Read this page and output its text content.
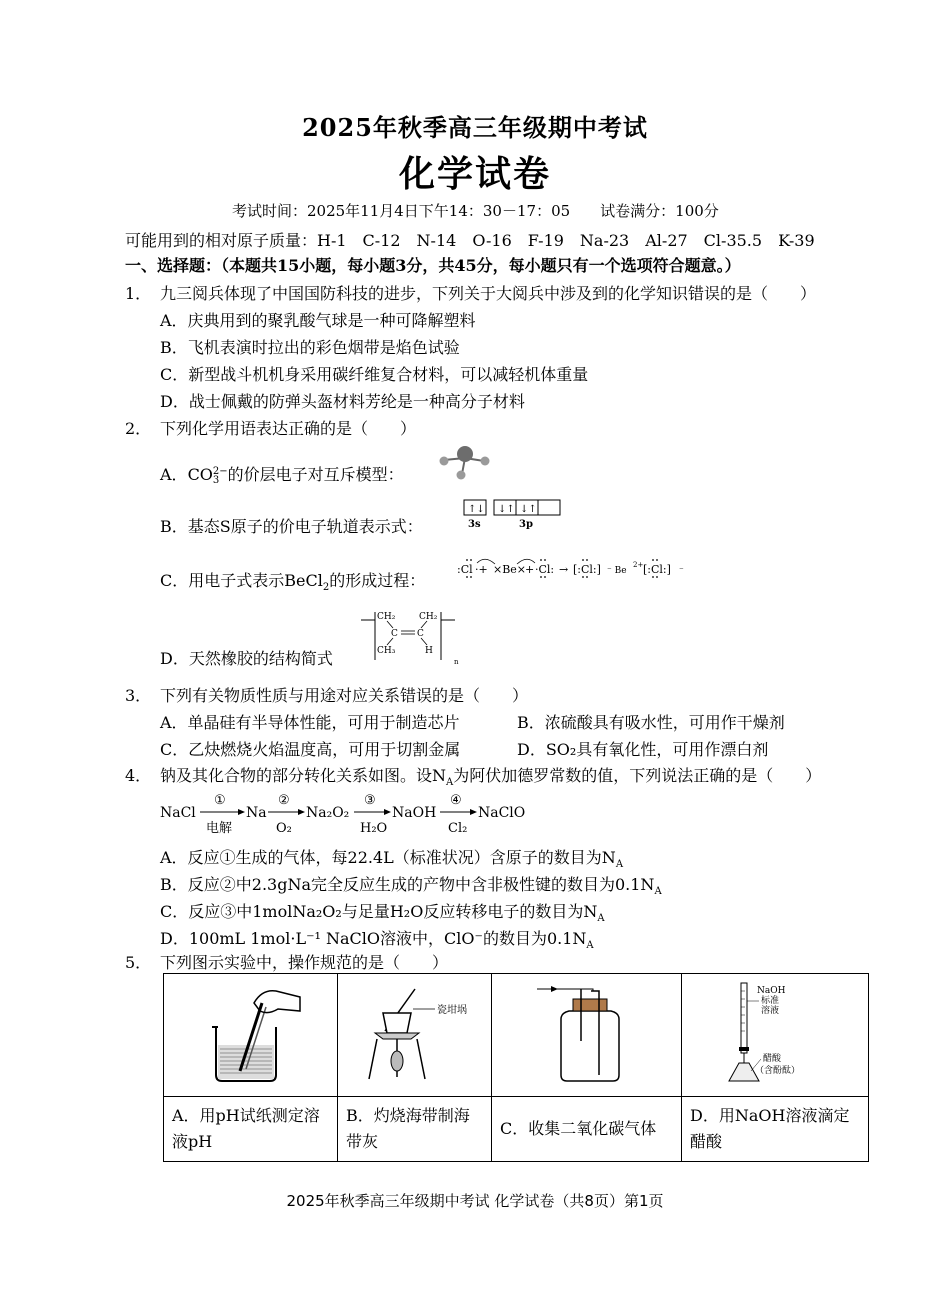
2025年秋季高三年级期中考试
化学试卷
考试时间：2025年11月4日下午14：30－17：05　　试卷满分：100分
可能用到的相对原子质量：H-1　C-12　N-14　O-16　F-19　Na-23　Al-27　Cl-35.5　K-39
一、选择题：（本题共15小题，每小题3分，共45分，每小题只有一个选项符合题意。）
1． 九三阅兵体现了中国国防科技的进步，下列关于大阅兵中涉及到的化学知识错误的是（　　）
A．庆典用到的聚乳酸气球是一种可降解塑料
B．飞机表演时拉出的彩色烟带是焰色试验
C．新型战斗机机身采用碳纤维复合材料，可以减轻机体重量
D．战士佩戴的防弹头盔材料芳纶是一种高分子材料
2． 下列化学用语表达正确的是（　　）
A．CO 2−
3 的价层电子对互斥模型：
B．基态S原子的价电子轨道表示式：
↑↓ ↓↑ ↓↑
3s	3p
C．用电子式表示BeCl$_2$的形成过程：
:Cl ·+ ×Be×
+ ·Cl: → [:Cl:] ⁻ Be
2+ [:Cl:] ⁻
D．天然橡胶的结构简式
CH₂	CH₂
C C
CH₃	H
n
3． 下列有关物质性质与用途对应关系错误的是（　　）
A．单晶硅有半导体性能，可用于制造芯片	B．浓硫酸具有吸水性，可用作干燥剂
C．乙炔燃烧火焰温度高，可用于切割金属	D．SO₂具有氧化性，可用作漂白剂
4． 钠及其化合物的部分转化关系如图。设$N_A$为阿伏加德罗常数的值，下列说法正确的是（　　）
NaCl	Na	Na₂O₂	NaOH	NaClO
①	②	③	④
电解	O₂	H₂O	Cl₂
A．反应①生成的气体，每22.4L（标准状况）含原子的数目为$N_A$
B．反应②中2.3gNa完全反应生成的产物中含非极性键的数目为$0.1N_A$
C．反应③中1molNa₂O₂与足量H₂O反应转移电子的数目为$N_A$
D．100mL 1mol·L⁻¹ NaClO溶液中，ClO⁻的数目为$0.1N_A$
5． 下列图示实验中，操作规范的是（　　）

瓷坩埚		NaOH
标准
溶液
醋酸
（含酚酞）

A．用pH试纸测定溶液pH	B．灼烧海带制海带灰	C．收集二氧化碳气体	D．用NaOH溶液滴定醋酸
2025年秋季高三年级期中考试 化学试卷（共8页）第1页
